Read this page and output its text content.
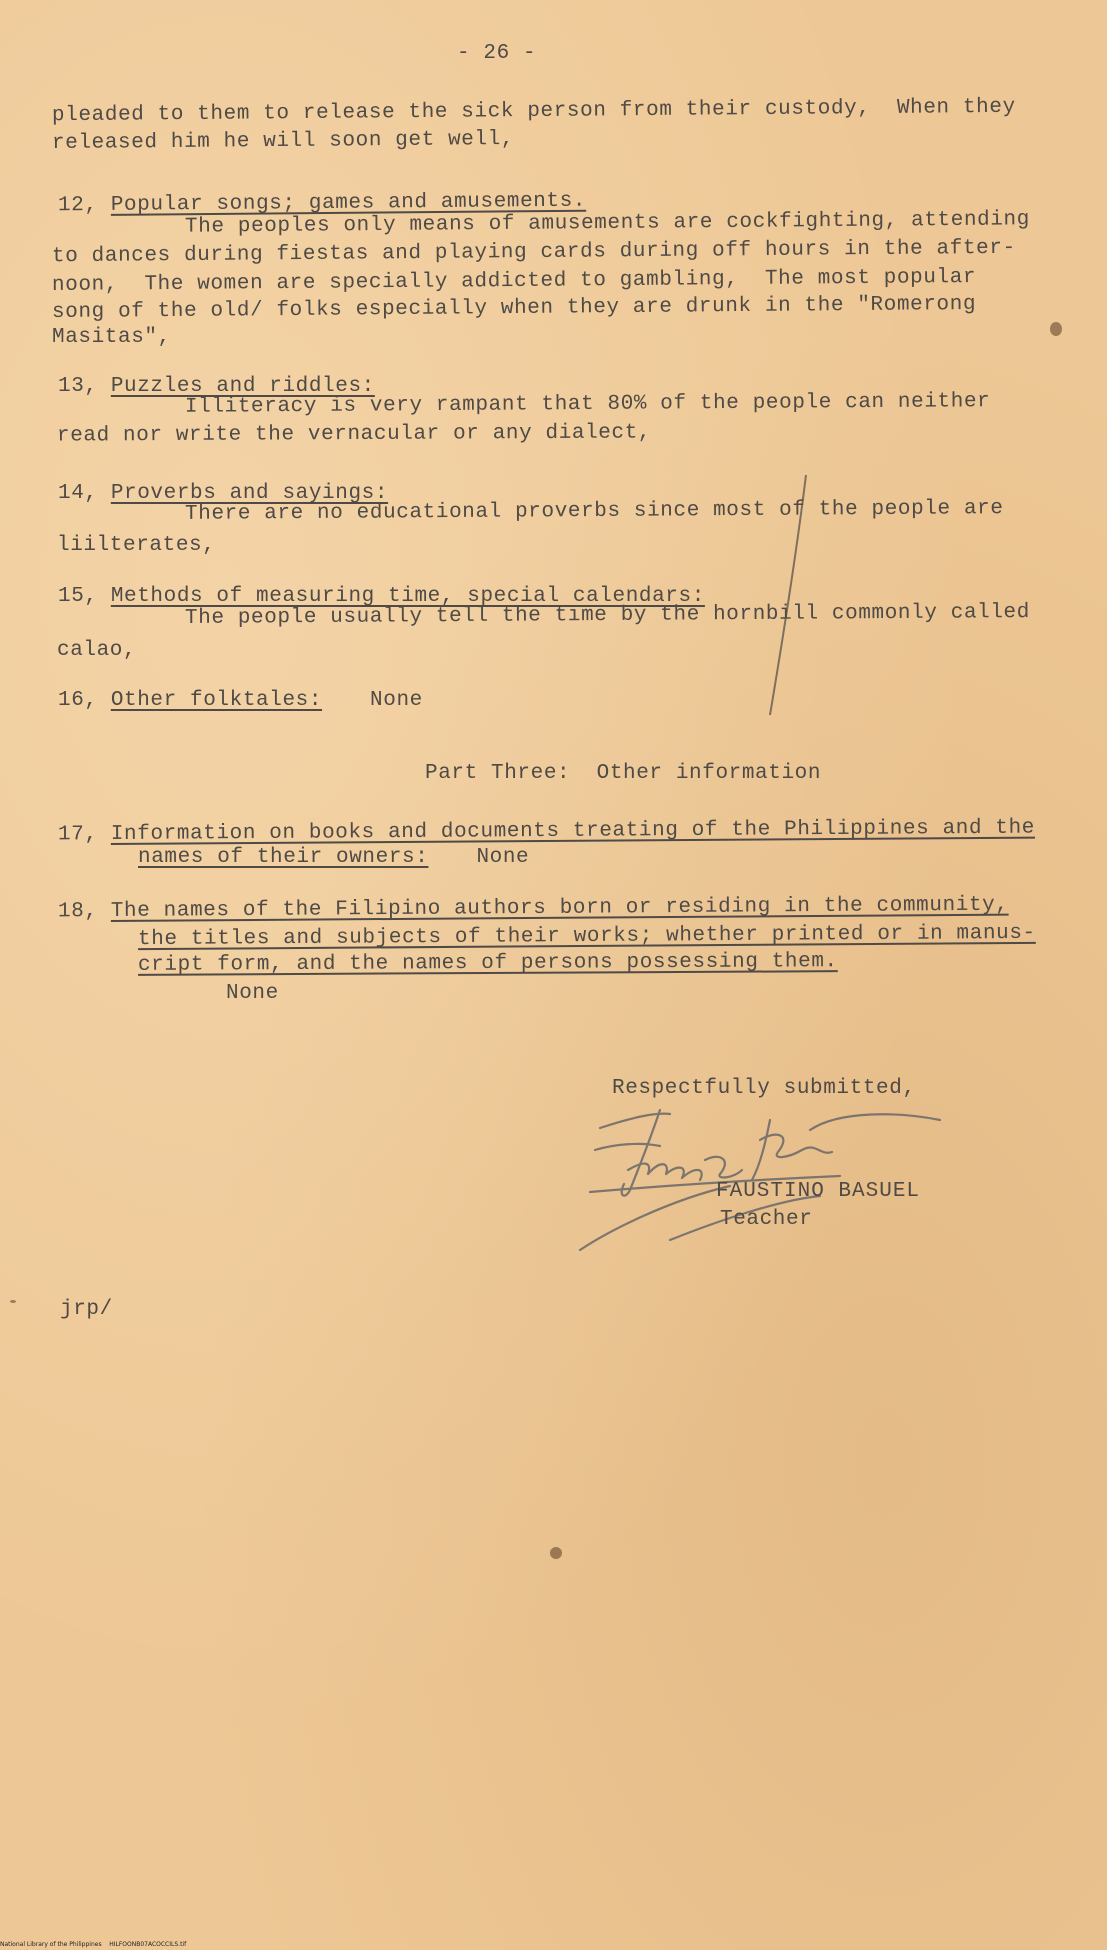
- 26 -
pleaded to them to release the sick person from their custody,  When they
released him he will soon get well,
12, Popular songs; games and amusements.
The peoples only means of amusements are cockfighting, attending
to dances during fiestas and playing cards during off hours in the after-
noon,  The women are specially addicted to gambling,  The most popular
song of the old/ folks especially when they are drunk in the "Romerong
Masitas",
13, Puzzles and riddles:
Illiteracy is very rampant that 80% of the people can neither
read nor write the vernacular or any dialect,
14, Proverbs and sayings:
There are no educational proverbs since most of the people are
liilterates,
15, Methods of measuring time, special calendars:
The people usually tell the time by the hornbill commonly called
calao,
16, Other folktales: None
Part Three:  Other information
17, Information on books and documents treating of the Philippines and the
names of their owners: None
18, The names of the Filipino authors born or residing in the community,
the titles and subjects of their works; whether printed or in manus-
cript form, and the names of persons possessing them.
None
Respectfully submitted,
FAUSTINO BASUEL
Teacher
jrp/
National Library of the Philippines    HILFOONB07ACOCCILS.tif
